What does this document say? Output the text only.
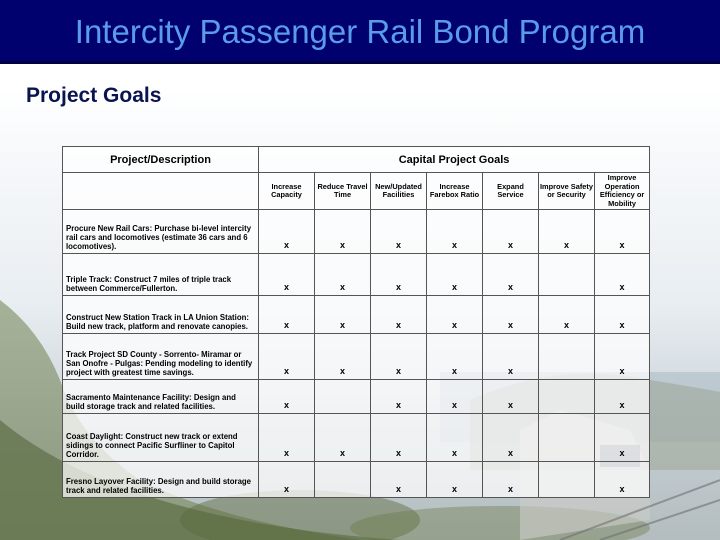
Intercity Passenger Rail Bond Program
Project Goals
Project/Description	Capital Project Goals						
	Increase Capacity	Reduce Travel Time	New/Updated Facilities	Increase Farebox Ratio	Expand Service	Improve Safety or Security	Improve Operation Efficiency or Mobility
Procure New Rail Cars: Purchase bi-level intercity rail cars and locomotives (estimate 36 cars and 6 locomotives).	x	x	x	x	x	x	x
Triple Track: Construct 7 miles of triple track between Commerce/Fullerton.	x	x	x	x	x		x
Construct New Station Track in LA Union Station: Build new track, platform and renovate canopies.	x	x	x	x	x	x	x
Track Project SD County - Sorrento- Miramar or San Onofre - Pulgas: Pending modeling to identify project with greatest time savings.	x	x	x	x	x		x
Sacramento Maintenance Facility: Design and build storage track and related facilities.	x		x	x	x		x
Coast Daylight: Construct new track or extend sidings to connect Pacific Surfliner to Capitol Corridor.	x	x	x	x	x		x
Fresno Layover Facility: Design and build storage track and related facilities.	x		x	x	x		x
